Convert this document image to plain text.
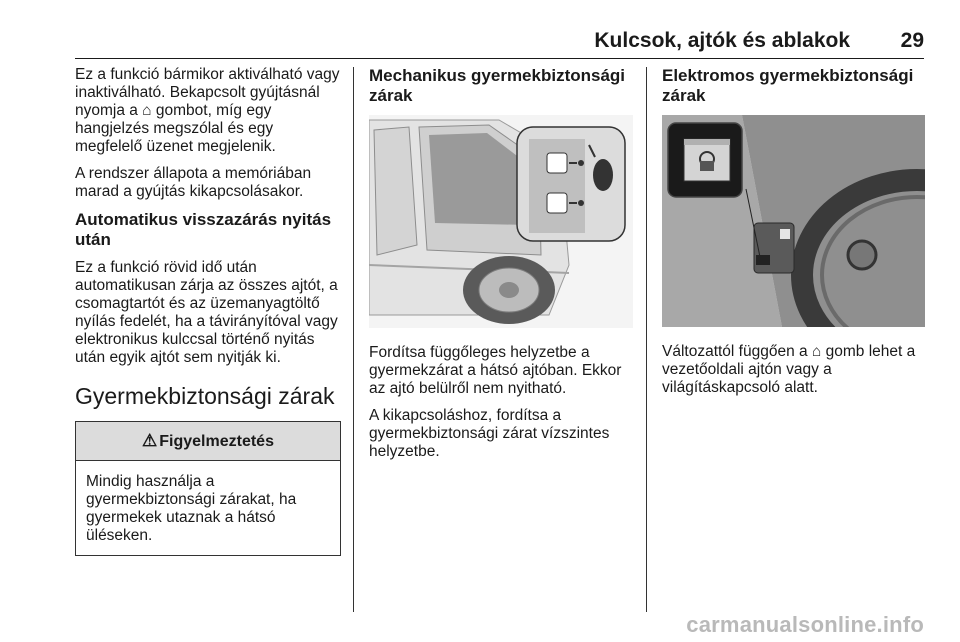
Kulcsok, ajtók és ablakok 29

Ez a funkció bármikor aktiválható vagy inaktiválható. Bekapcsolt gyújtásnál nyomja a ⌂ gombot, míg egy hangjelzés megszólal és egy megfelelő üzenet megjelenik.

A rendszer állapota a memóriában marad a gyújtás kikapcsolásakor.

Automatikus visszazárás nyitás után

Ez a funkció rövid idő után automatikusan zárja az összes ajtót, a csomagtartót és az üzemanyagtöltő nyílás fedelét, ha a távirányítóval vagy elektronikus kulccsal történő nyitás után egyik ajtót sem nyitják ki.

Gyermekbiztonsági zárak
⚠ Figyelmeztetés
Mindig használja a gyermekbiztonsági zárakat, ha gyermekek utaznak a hátsó üléseken.
Mechanikus gyermekbiztonsági zárak

Fordítsa függőleges helyzetbe a gyermekzárat a hátsó ajtóban. Ekkor az ajtó belülről nem nyitható.

A kikapcsoláshoz, fordítsa a gyermekbiztonsági zárat vízszintes helyzetbe.

Elektromos gyermekbiztonsági zárak

Változattól függően a ⌂ gomb lehet a vezetőoldali ajtón vagy a világításkapcsoló alatt.

carmanualsonline.info
